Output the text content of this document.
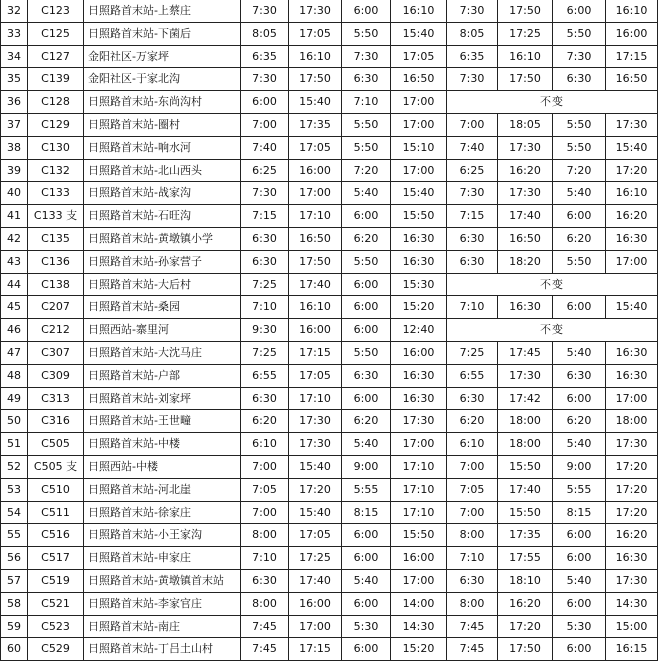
32	C123	日照路首末站-上蔡庄	7:30	17:30	6:00	16:10	7:30	17:50	6:00	16:10
33	C125	日照路首末站-下菌后	8:05	17:05	5:50	15:40	8:05	17:25	5:50	16:00
34	C127	金阳社区-万家坪	6:35	16:10	7:30	17:05	6:35	16:10	7:30	17:15
35	C139	金阳社区-于家北沟	7:30	17:50	6:30	16:50	7:30	17:50	6:30	16:50
36	C128	日照路首末站-东尚沟村	6:00	15:40	7:10	17:00	不变			
37	C129	日照路首末站-圈村	7:00	17:35	5:50	17:00	7:00	18:05	5:50	17:30
38	C130	日照路首末站-响水河	7:40	17:05	5:50	15:10	7:40	17:30	5:50	15:40
39	C132	日照路首末站-北山西头	6:25	16:00	7:20	17:00	6:25	16:20	7:20	17:20
40	C133	日照路首末站-战家沟	7:30	17:00	5:40	15:40	7:30	17:30	5:40	16:10
41	C133 支	日照路首末站-石旺沟	7:15	17:10	6:00	15:50	7:15	17:40	6:00	16:20
42	C135	日照路首末站-黄墩镇小学	6:30	16:50	6:20	16:30	6:30	16:50	6:20	16:30
43	C136	日照路首末站-孙家营子	6:30	17:50	5:50	16:30	6:30	18:20	5:50	17:00
44	C138	日照路首末站-大后村	7:25	17:40	6:00	15:30	不变			
45	C207	日照路首末站-桑园	7:10	16:10	6:00	15:20	7:10	16:30	6:00	15:40
46	C212	日照西站-寨里河	9:30	16:00	6:00	12:40	不变			
47	C307	日照路首末站-大沈马庄	7:25	17:15	5:50	16:00	7:25	17:45	5:40	16:30
48	C309	日照路首末站-户部	6:55	17:05	6:30	16:30	6:55	17:30	6:30	16:30
49	C313	日照路首末站-刘家坪	6:30	17:10	6:00	16:30	6:30	17:42	6:00	17:00
50	C316	日照路首末站-王世疃	6:20	17:30	6:20	17:30	6:20	18:00	6:20	18:00
51	C505	日照路首末站-中楼	6:10	17:30	5:40	17:00	6:10	18:00	5:40	17:30
52	C505 支	日照西站-中楼	7:00	15:40	9:00	17:10	7:00	15:50	9:00	17:20
53	C510	日照路首末站-河北崖	7:05	17:20	5:55	17:10	7:05	17:40	5:55	17:20
54	C511	日照路首末站-徐家庄	7:00	15:40	8:15	17:10	7:00	15:50	8:15	17:20
55	C516	日照路首末站-小王家沟	8:00	17:05	6:00	15:50	8:00	17:35	6:00	16:20
56	C517	日照路首末站-申家庄	7:10	17:25	6:00	16:00	7:10	17:55	6:00	16:30
57	C519	日照路首末站-黄墩镇首末站	6:30	17:40	5:40	17:00	6:30	18:10	5:40	17:30
58	C521	日照路首末站-李家官庄	8:00	16:00	6:00	14:00	8:00	16:20	6:00	14:30
59	C523	日照路首末站-南庄	7:45	17:00	5:30	14:30	7:45	17:20	5:30	15:00
60	C529	日照路首末站-丁吕土山村	7:45	17:15	6:00	15:20	7:45	17:50	6:00	16:15
